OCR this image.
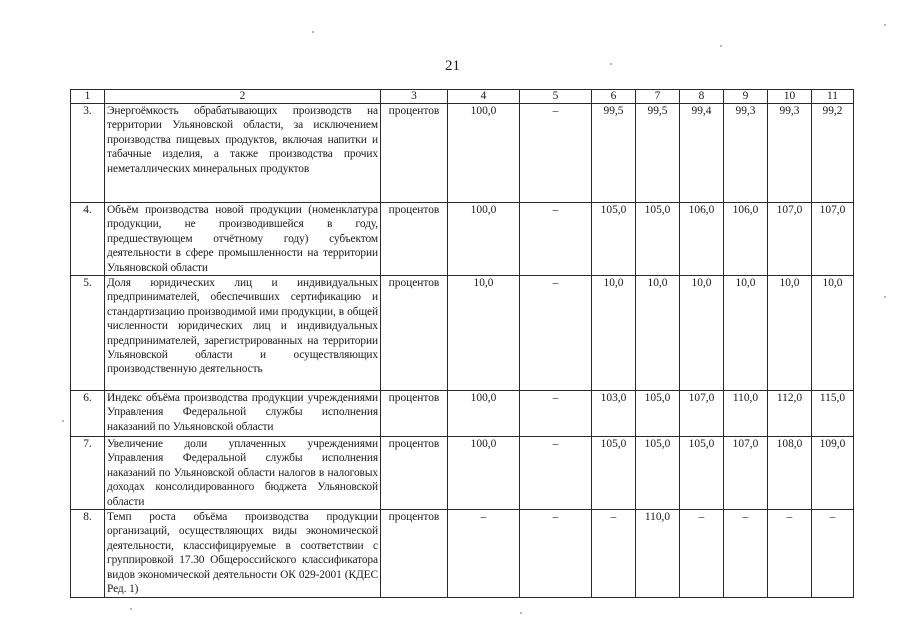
21
1	2	3	4	5	6	7	8	9	10	11
3.	Энергоёмкость обрабатывающих производств на территории Ульяновской области, за исключением производства пищевых продуктов, включая напитки и табачные изделия, а также производства прочих неметаллических минеральных продуктов	процентов	100,0	–	99,5	99,5	99,4	99,3	99,3	99,2
4.	Объём производства новой продукции (номенклатура продукции, не производившейся в году, предшествующем отчётному году) субъектом деятельности в сфере промышленности на территории Ульяновской области	процентов	100,0	–	105,0	105,0	106,0	106,0	107,0	107,0
5.	Доля юридических лиц и индивидуальных предпринимателей, обеспечивших сертификацию и стандартизацию производимой ими продукции, в общей численности юридических лиц и индивидуальных предпринимателей, зарегистрированных на территории Ульяновской области и осуществляющих производственную деятельность	процентов	10,0	–	10,0	10,0	10,0	10,0	10,0	10,0
6.	Индекс объёма производства продукции учреждениями Управления Федеральной службы исполнения наказаний по Ульяновской области	процентов	100,0	–	103,0	105,0	107,0	110,0	112,0	115,0
7.	Увеличение доли уплаченных учреждениями Управления Федеральной службы исполнения наказаний по Ульяновской области налогов в налоговых доходах консолидированного бюджета Ульяновской области	процентов	100,0	–	105,0	105,0	105,0	107,0	108,0	109,0
8.	Темп роста объёма производства продукции организаций, осуществляющих виды экономической деятельности, классифицируемые в соответствии с группировкой 17.30 Общероссийского классификатора видов экономической деятельности ОК 029-2001 (КДЕС Ред. 1)	процентов	–	–	–	110,0	–	–	–	–
